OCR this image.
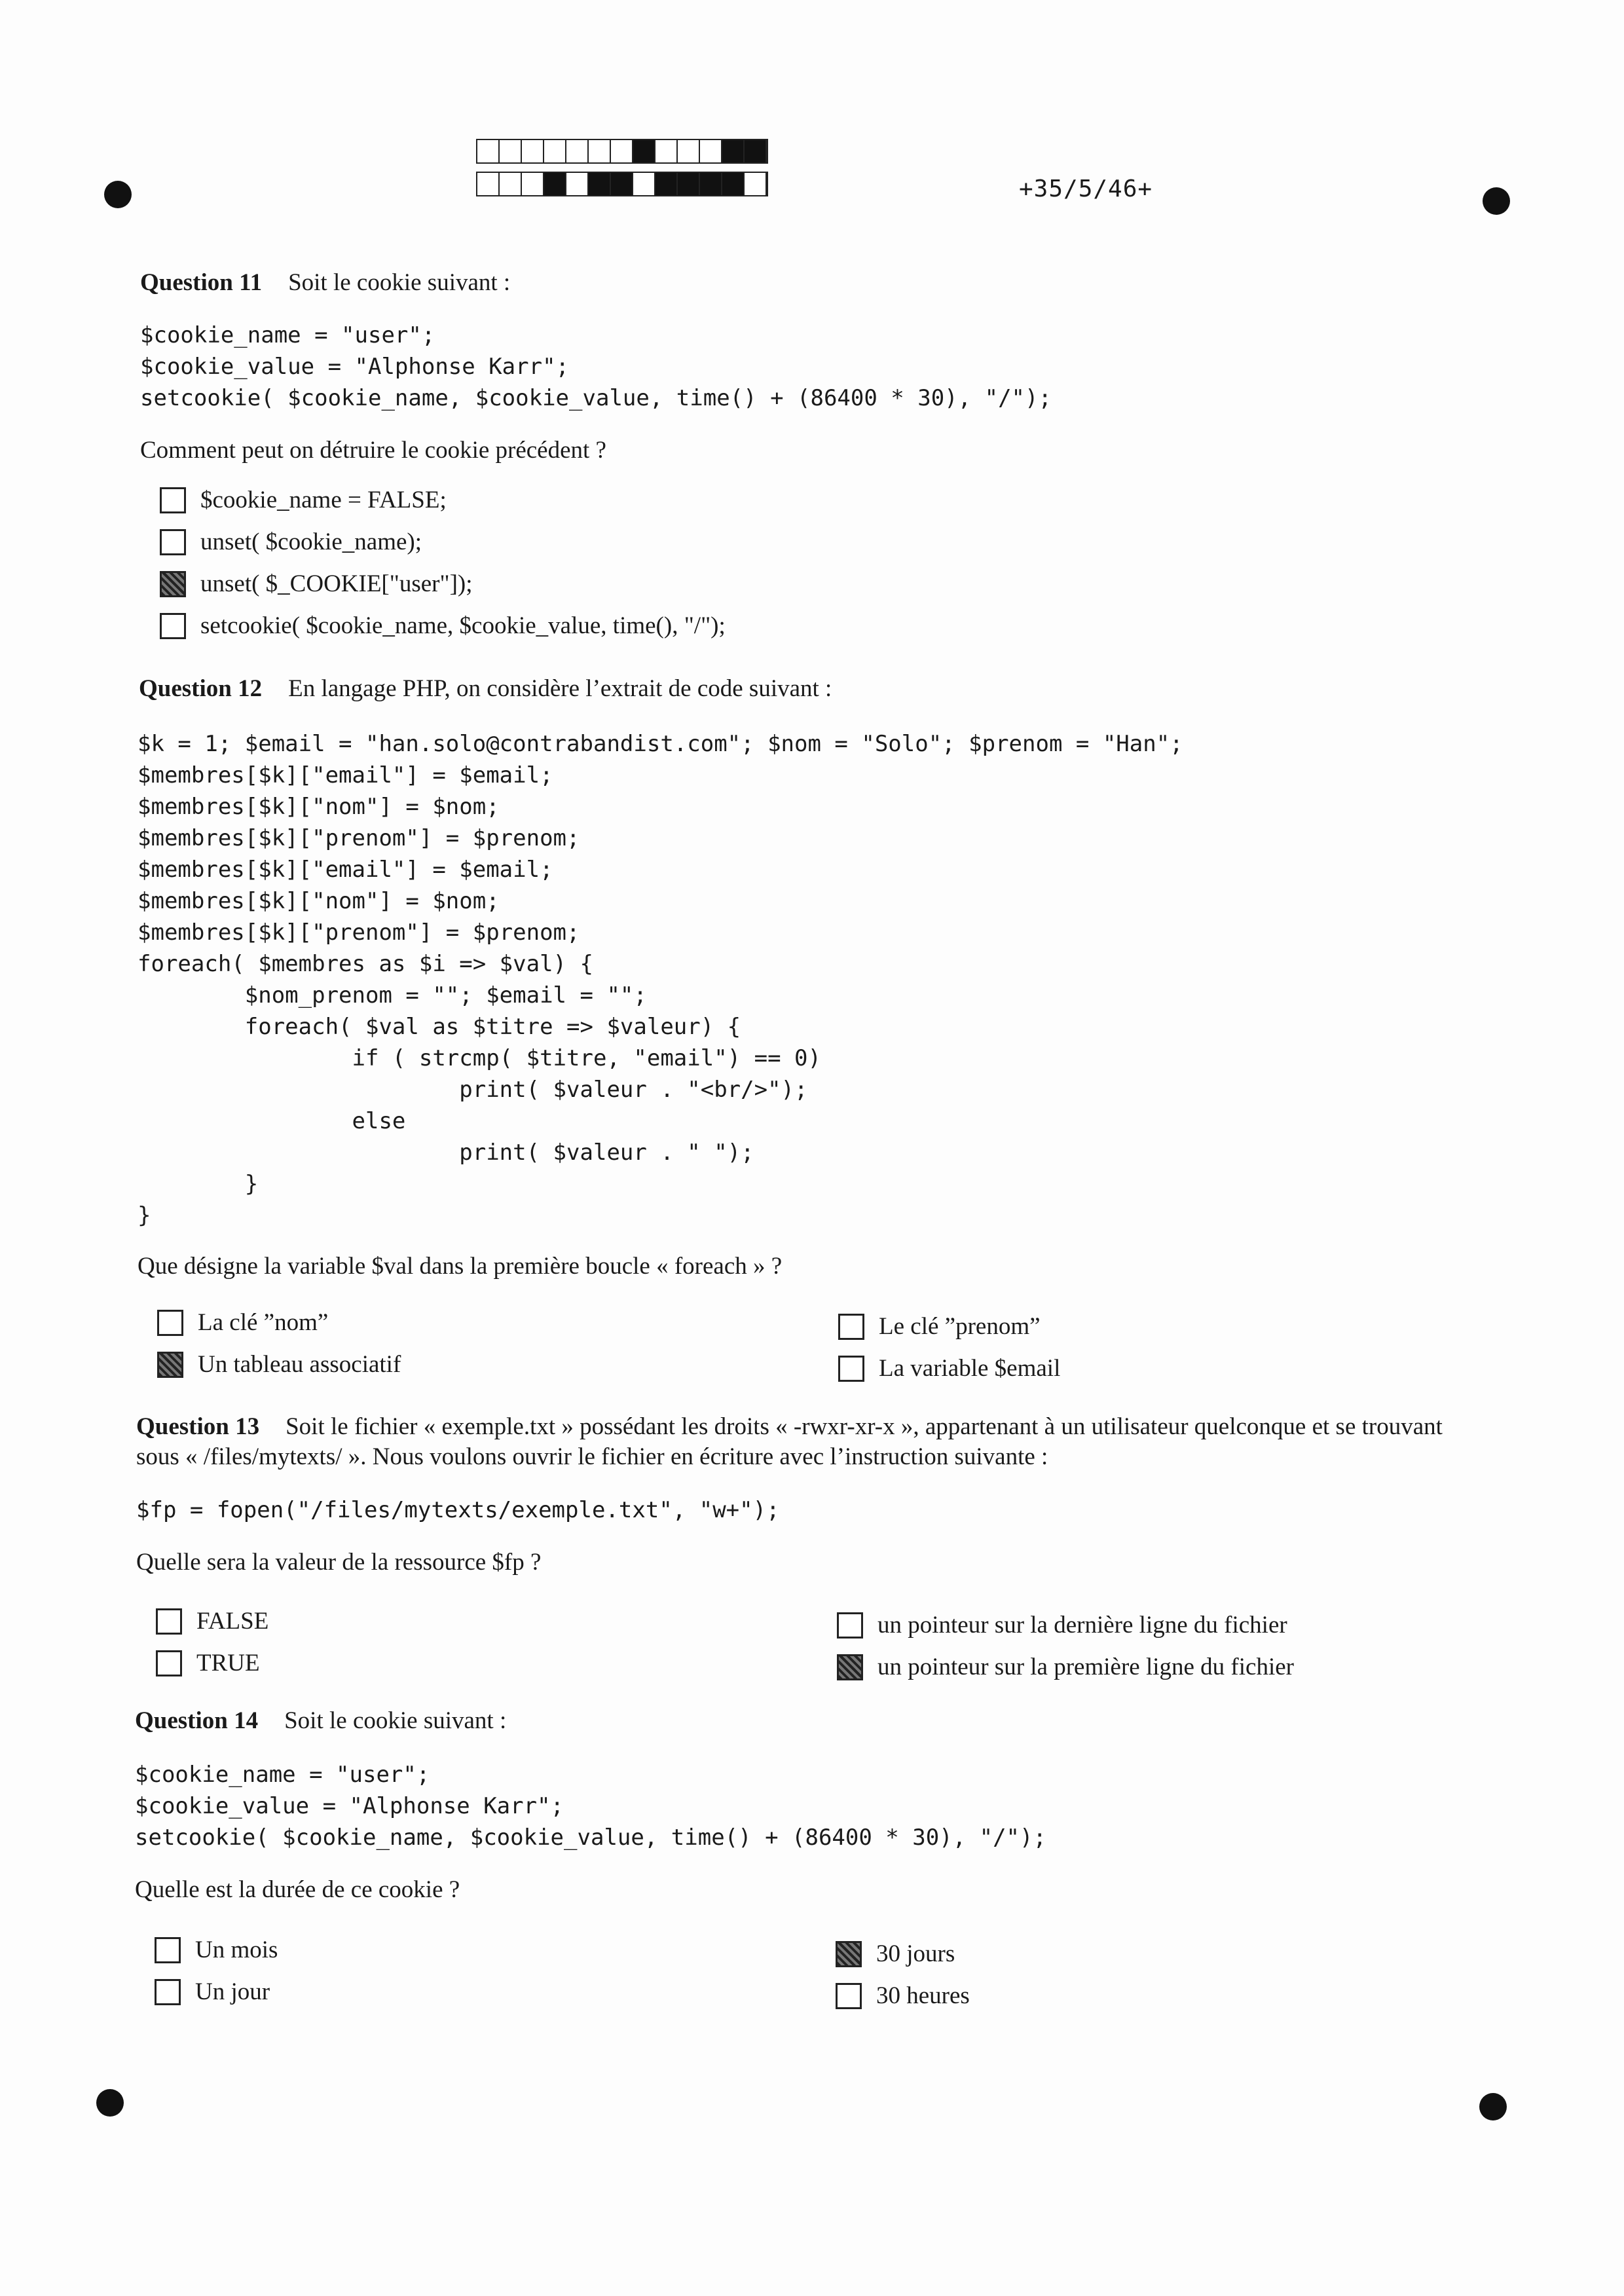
+35/5/46+
Question 11 Soit le cookie suivant :
$cookie_name = "user";
$cookie_value = "Alphonse Karr";
setcookie( $cookie_name, $cookie_value, time() + (86400 * 30), "/");
Comment peut on détruire le cookie précédent ?
$cookie_name = FALSE;
unset( $cookie_name);
unset( $_COOKIE["user"]);
setcookie( $cookie_name, $cookie_value, time(), "/");
Question 12 En langage PHP, on considère l’extrait de code suivant :
$k = 1; $email = "han.solo@contrabandist.com"; $nom = "Solo"; $prenom = "Han";
$membres[$k]["email"] = $email;
$membres[$k]["nom"] = $nom;
$membres[$k]["prenom"] = $prenom;
$membres[$k]["email"] = $email;
$membres[$k]["nom"] = $nom;
$membres[$k]["prenom"] = $prenom;
foreach( $membres as $i => $val) {
$nom_prenom = ""; $email = "";
foreach( $val as $titre => $valeur) {
if ( strcmp( $titre, "email") == 0)
print( $valeur . "<br/>");
else
print( $valeur . " ");
}
}
Que désigne la variable $val dans la première boucle « foreach » ?
La clé ”nom”
Un tableau associatif
Le clé ”prenom”
La variable $email
Question 13 Soit le fichier « exemple.txt » possédant les droits « -rwxr-xr-x », appartenant à un utilisateur quelconque et se trouvant sous « /files/mytexts/ ». Nous voulons ouvrir le fichier en écriture avec l’instruction suivante :
$fp = fopen("/files/mytexts/exemple.txt", "w+");
Quelle sera la valeur de la ressource $fp ?
FALSE
TRUE
un pointeur sur la dernière ligne du fichier
un pointeur sur la première ligne du fichier
Question 14 Soit le cookie suivant :
$cookie_name = "user";
$cookie_value = "Alphonse Karr";
setcookie( $cookie_name, $cookie_value, time() + (86400 * 30), "/");
Quelle est la durée de ce cookie ?
Un mois
Un jour
30 jours
30 heures
